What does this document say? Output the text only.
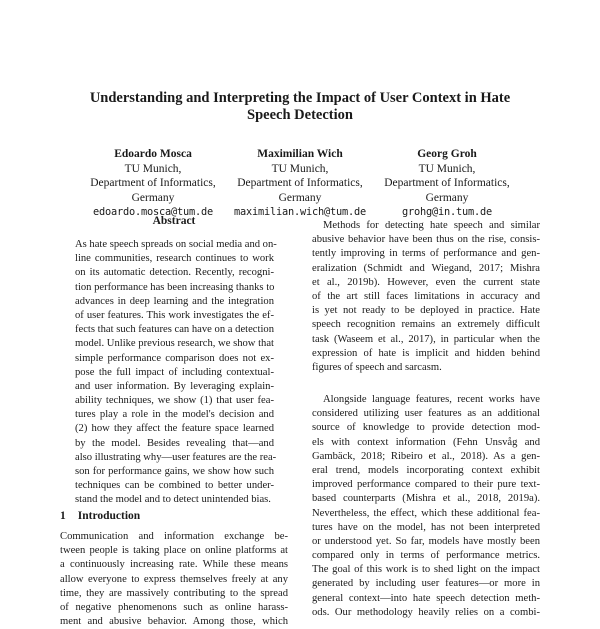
Understanding and Interpreting the Impact of User Context in Hate
Speech Detection
Edoardo Mosca
TU Munich,
Department of Informatics,
Germany
edoardo.mosca@tum.de
Maximilian Wich
TU Munich,
Department of Informatics,
Germany
maximilian.wich@tum.de
Georg Groh
TU Munich,
Department of Informatics,
Germany
grohg@in.tum.de
Abstract
As hate speech spreads on social media and on-
line communities, research continues to work
on its automatic detection. Recently, recogni-
tion performance has been increasing thanks to
advances in deep learning and the integration
of user features. This work investigates the ef-
fects that such features can have on a detection
model. Unlike previous research, we show that
simple performance comparison does not ex-
pose the full impact of including contextual-
and user information. By leveraging explain-
ability techniques, we show (1) that user fea-
tures play a role in the model's decision and
(2) how they affect the feature space learned
by the model. Besides revealing that—and
also illustrating why—user features are the rea-
son for performance gains, we show how such
techniques can be combined to better under-
stand the model and to detect unintended bias.
1 Introduction
Communication and information exchange be-
tween people is taking place on online platforms at
a continuously increasing rate. While these means
allow everyone to express themselves freely at any
time, they are massively contributing to the spread
of negative phenomenons such as online harass-
ment and abusive behavior. Among those, which
Methods for detecting hate speech and similar
abusive behavior have been thus on the rise, consis-
tently improving in terms of performance and gen-
eralization (Schmidt and Wiegand, 2017; Mishra
et al., 2019b). However, even the current state
of the art still faces limitations in accuracy and
is yet not ready to be deployed in practice. Hate
speech recognition remains an extremely difficult
task (Waseem et al., 2017), in particular when the
expression of hate is implicit and hidden behind
figures of speech and sarcasm.
Alongside language features, recent works have
considered utilizing user features as an additional
source of knowledge to provide detection mod-
els with context information (Fehn Unsvåg and
Gambäck, 2018; Ribeiro et al., 2018). As a gen-
eral trend, models incorporating context exhibit
improved performance compared to their pure text-
based counterparts (Mishra et al., 2018, 2019a).
Nevertheless, the effect, which these additional fea-
tures have on the model, has not been interpreted
or understood yet. So far, models have mostly been
compared only in terms of performance metrics.
The goal of this work is to shed light on the impact
generated by including user features—or more in
general context—into hate speech detection meth-
ods. Our methodology heavily relies on a combi-
